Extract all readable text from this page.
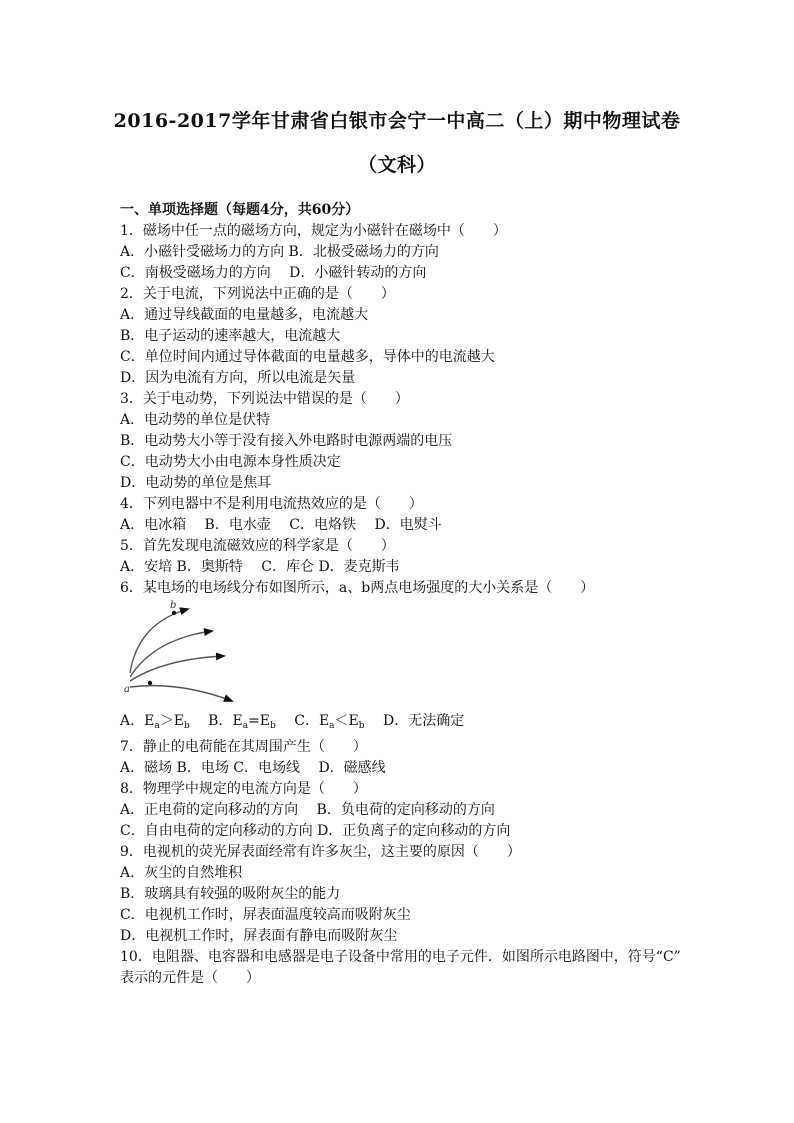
2016-2017学年甘肃省白银市会宁一中高二（上）期中物理试卷
（文科）
一、单项选择题（每题4分，共60分）
1．磁场中任一点的磁场方向，规定为小磁针在磁场中（　　）
A．小磁针受磁场力的方向 B．北极受磁场力的方向
C．南极受磁场力的方向　 D．小磁针转动的方向
2．关于电流，下列说法中正确的是（　　）
A．通过导线截面的电量越多，电流越大
B．电子运动的速率越大，电流越大
C．单位时间内通过导体截面的电量越多，导体中的电流越大
D．因为电流有方向，所以电流是矢量
3．关于电动势，下列说法中错误的是（　　）
A．电动势的单位是伏特
B．电动势大小等于没有接入外电路时电源两端的电压
C．电动势大小由电源本身性质决定
D．电动势的单位是焦耳
4．下列电器中不是利用电流热效应的是（　　）
A．电冰箱　 B．电水壶　 C．电烙铁　 D．电熨斗
5．首先发现电流磁效应的科学家是（　　）
A．安培 B．奥斯特　 C．库仑 D．麦克斯韦
6．某电场的电场线分布如图所示，a、b两点电场强度的大小关系是（　　）
b
a
A．$E_a>E_b$　 B．$E_a=E_b$　 C．$E_a<E_b$　 D．无法确定
7．静止的电荷能在其周围产生（　　）
A．磁场 B．电场 C．电场线　 D．磁感线
8．物理学中规定的电流方向是（　　）
A．正电荷的定向移动的方向　 B．负电荷的定向移动的方向
C．自由电荷的定向移动的方向 D．正负离子的定向移动的方向
9．电视机的荧光屏表面经常有许多灰尘，这主要的原因（　　）
A．灰尘的自然堆积
B．玻璃具有较强的吸附灰尘的能力
C．电视机工作时，屏表面温度较高而吸附灰尘
D．电视机工作时，屏表面有静电而吸附灰尘
10．电阻器、电容器和电感器是电子设备中常用的电子元件．如图所示电路图中，符号“C”
表示的元件是（　　）
